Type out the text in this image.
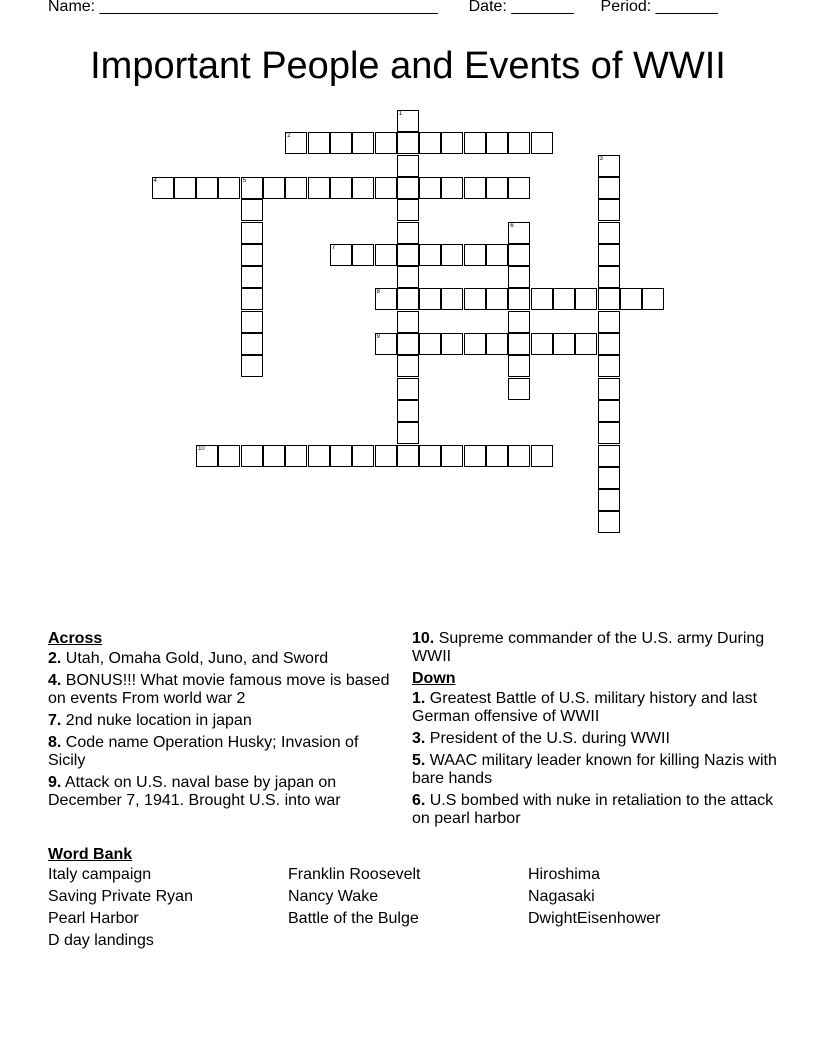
Name: ______________________________________ Date: _______ Period: _______
Important People and Events of WWII
1
2
3
4	5
6
7
8
9
10
Across
2. Utah, Omaha Gold, Juno, and Sword
4. BONUS!!! What movie famous move is based on events From world war 2
7. 2nd nuke location in japan
8. Code name Operation Husky; Invasion of Sicily
9. Attack on U.S. naval base by japan on December 7, 1941. Brought U.S. into war
10. Supreme commander of the U.S. army During WWII
Down
1. Greatest Battle of U.S. military history and last German offensive of WWII
3. President of the U.S. during WWII
5. WAAC military leader known for killing Nazis with bare hands
6. U.S bombed with nuke in retaliation to the attack on pearl harbor
Word Bank
Italy campaign	Franklin Roosevelt	Hiroshima
Saving Private Ryan	Nancy Wake	Nagasaki
Pearl Harbor	Battle of the Bulge	DwightEisenhower
D day landings
